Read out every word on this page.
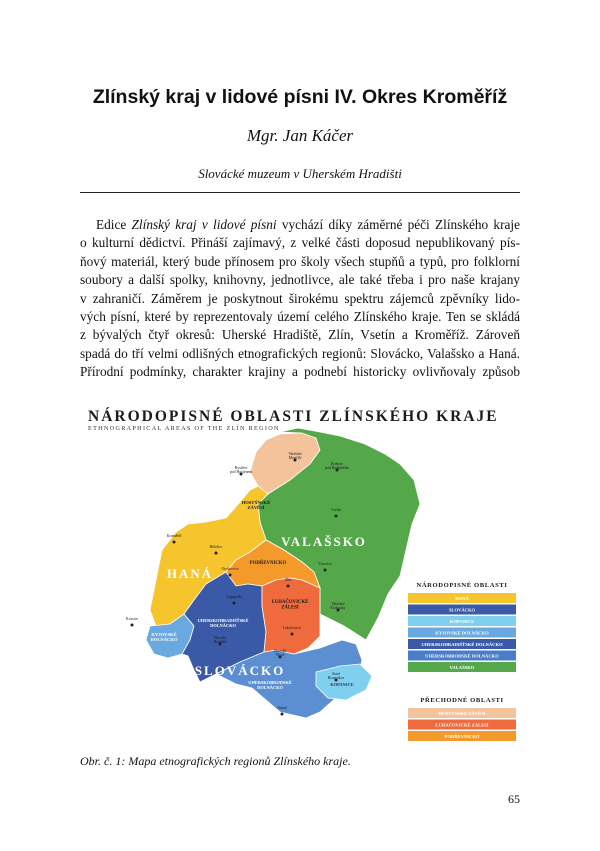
Zlínský kraj v lidové písni IV. Okres Kroměříž
Mgr. Jan Káčer
Slovácké muzeum v Uherském Hradišti
Edice Zlínský kraj v lidové písni vychází díky záměrné péči Zlínského kraje
o kulturní dědictví. Přináší zajímavý, z velké části doposud nepublikovaný pís-
ňový materiál, který bude přínosem pro školy všech stupňů a typů, pro folklorní
soubory a další spolky, knihovny, jednotlivce, ale také třeba i pro naše krajany
v zahraničí. Záměrem je poskytnout širokému spektru zájemců zpěvníky lido-
vých písní, které by reprezentovaly území celého Zlínského kraje. Ten se skládá
z bývalých čtyř okresů: Uherské Hradiště, Zlín, Vsetín a Kroměříž. Zároveň
spadá do tří velmi odlišných etnografických regionů: Slovácko, Valašsko a Haná.
Přírodní podmínky, charakter krajiny a podnebí historicky ovlivňovaly způsob
NÁRODOPISNÉ OBLASTI ZLÍNSKÉHO KRAJE
ETHNOGRAPHICAL AREAS OF THE ZLÍN REGION
VALAŠSKO
HANÁ
SLOVÁCKO
PODŘEVNICKO
LUHAČOVICKÉ ZÁLESÍ
HOSTÝNSKÉ ZÁVĚSÍ
KYJOVSKÉ DOLNÁCKO
UHERSKOHRADIŠŤSKÉ DOLNÁCKO
UHERSKOBRODSKÉ DOLNÁCKO
KOPANICE
Valašské Meziříčí
Rožnov pod Radhoštěm
Bystřice pod Hostýnem
Vsetín
Kroměříž
Holešov
Zlín
Otrokovice
Vizovice
Napajedla
Valašské Klobouky
Kvasice
Luhačovice
Uherské Hradiště
Uherský Brod
Staré Hrozenkov
Strání
NÁRODOPISNÉ OBLASTI
HANÁ
SLOVÁCKO
KOPANICE
KYJOVSKÉ DOLNÁCKO
UHERSKOHRADIŠŤSKÉ DOLNÁCKO
UHERSKOBRODSKÉ DOLNÁCKO
VALAŠSKO
PŘECHODNÉ OBLASTI
HOSTÝNSKÉ ZÁVĚSÍ
LUHAČOVICKÉ ZÁLESÍ
PODŘEVNICKO
Obr. č. 1: Mapa etnografických regionů Zlínského kraje.
65
